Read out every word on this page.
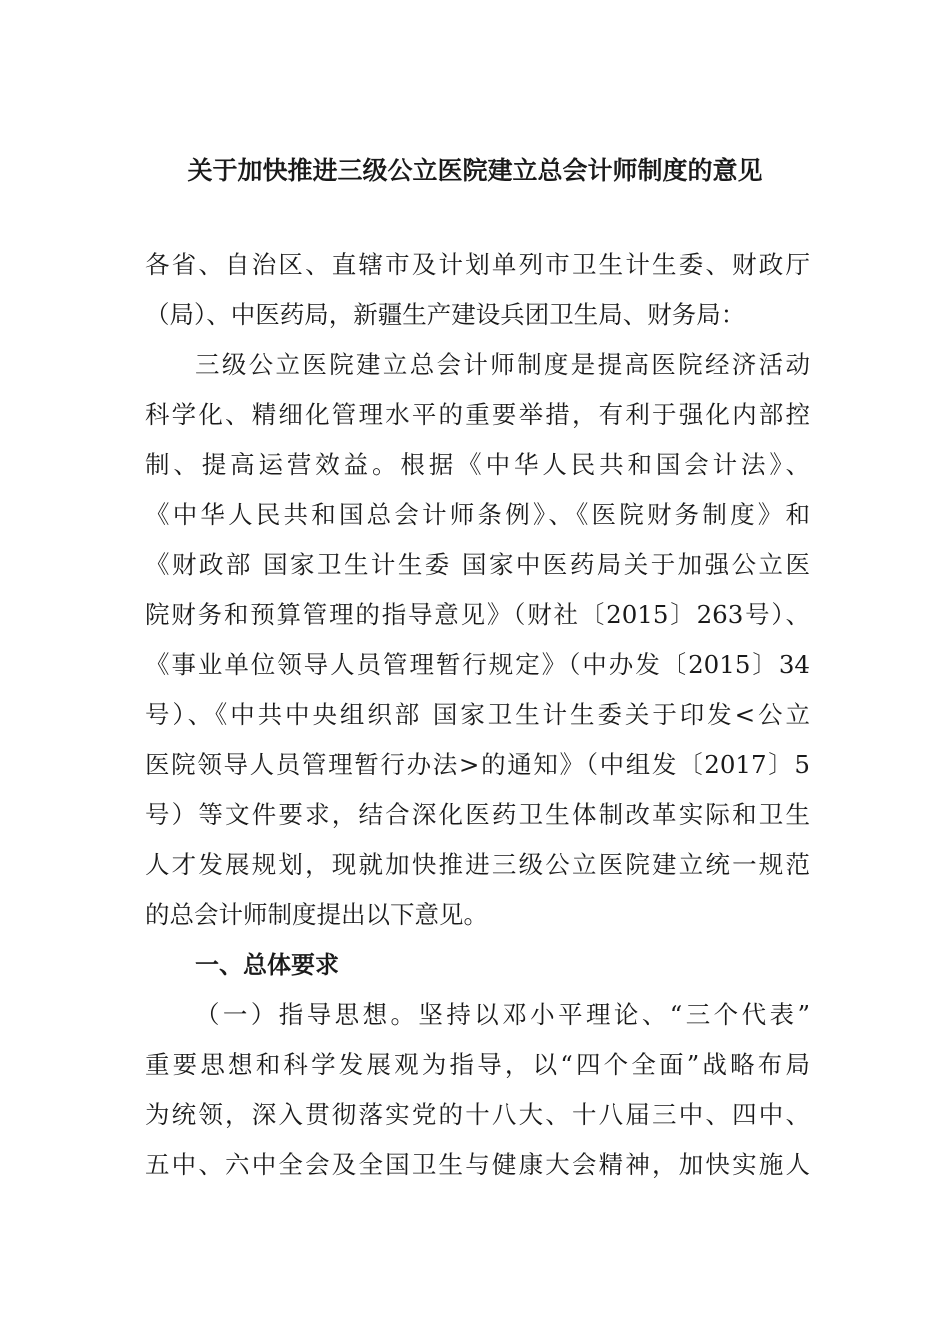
关于加快推进三级公立医院建立总会计师制度的意见

各省、自治区、直辖市及计划单列市卫生计生委、财政厅

（局）、中医药局，新疆生产建设兵团卫生局、财务局：

三级公立医院建立总会计师制度是提高医院经济活动

科学化、精细化管理水平的重要举措，有利于强化内部控

制、提高运营效益。根据《中华人民共和国会计法》、

《中华人民共和国总会计师条例》、《医院财务制度》和

《财政部 国家卫生计生委 国家中医药局关于加强公立医

院财务和预算管理的指导意见》（财社〔2015〕263号）、

《事业单位领导人员管理暂行规定》（中办发〔2015〕34

号）、《中共中央组织部 国家卫生计生委关于印发<公立

医院领导人员管理暂行办法>的通知》（中组发〔2017〕5

号）等文件要求，结合深化医药卫生体制改革实际和卫生

人才发展规划，现就加快推进三级公立医院建立统一规范

的总会计师制度提出以下意见。

一、总体要求

（一）指导思想。坚持以邓小平理论、“三个代表”

重要思想和科学发展观为指导，以“四个全面”战略布局

为统领，深入贯彻落实党的十八大、十八届三中、四中、

五中、六中全会及全国卫生与健康大会精神，加快实施人
